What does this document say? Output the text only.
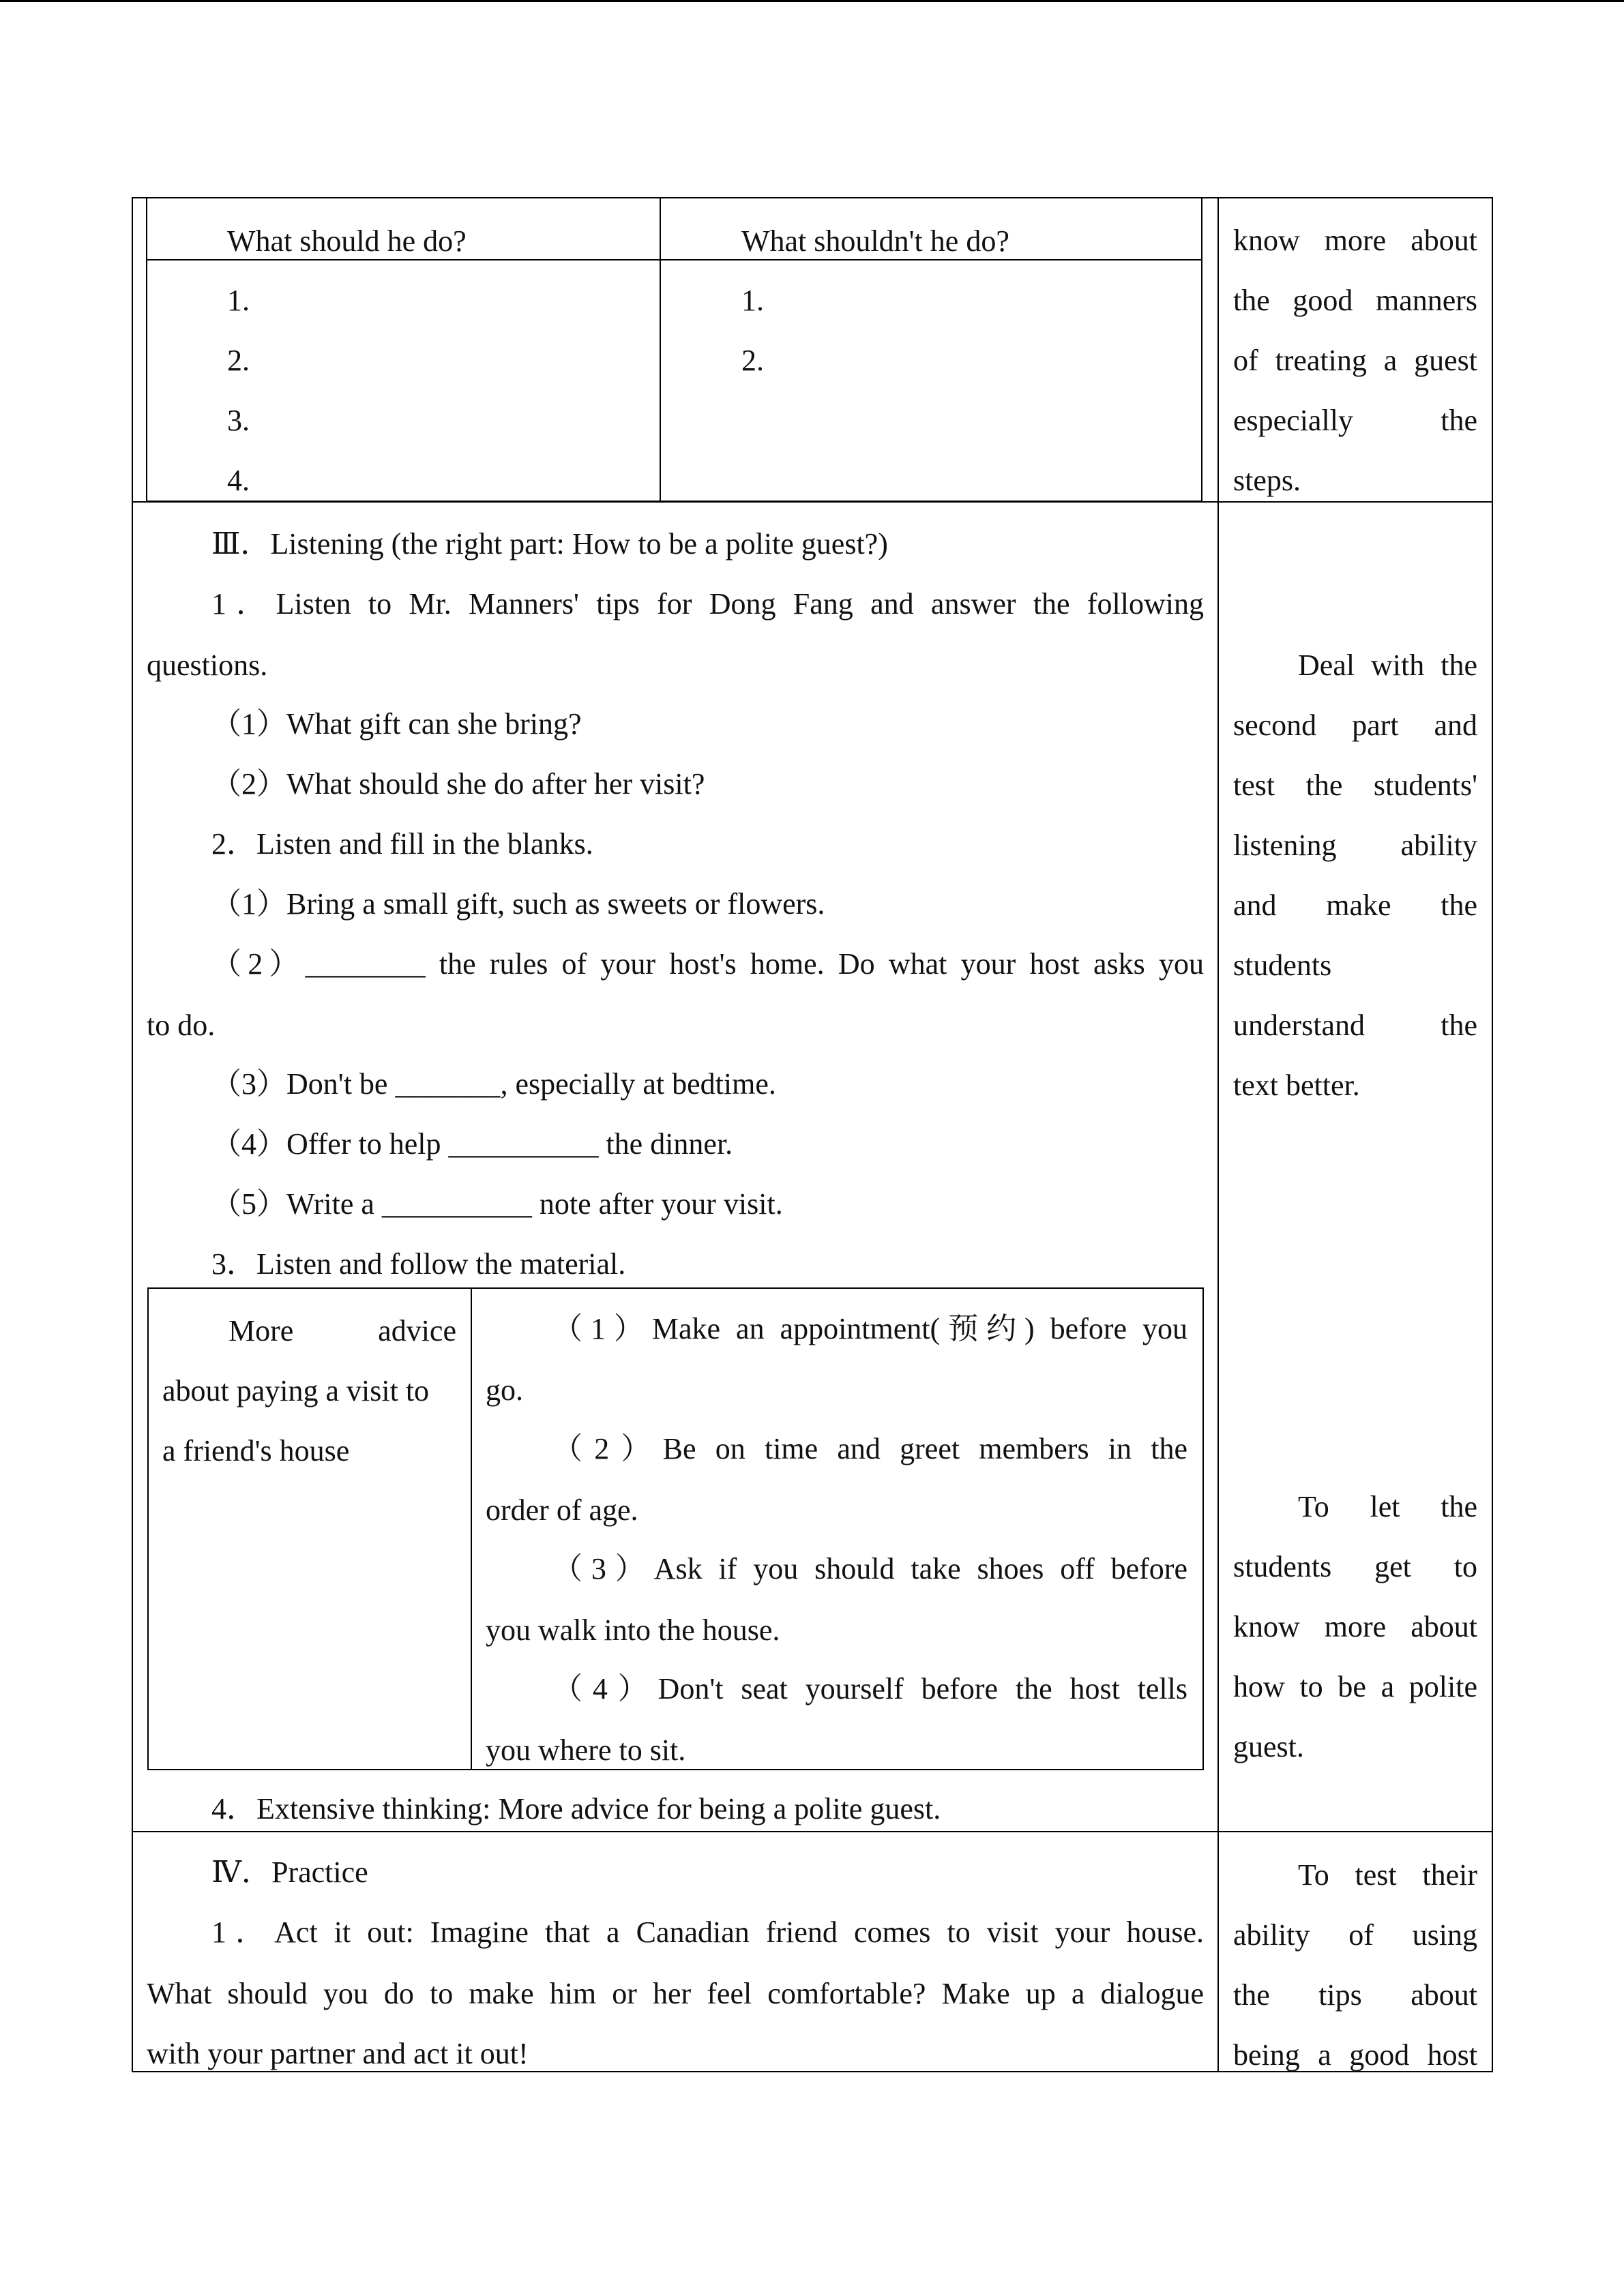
What should he do?	What shouldn't he do?
1.
2.
3.
4.
1.
2.
know more about
the good manners
of treating a guest
especially the
steps.
Ⅲ．Listening (the right part: How to be a polite guest?)
1．Listen to Mr. Manners' tips for Dong Fang and answer the following
questions.
（1）What gift can she bring?
（2）What should she do after her visit?
2．Listen and fill in the blanks.
（1）Bring a small gift, such as sweets or flowers.
（2）________ the rules of your host's home. Do what your host asks you
to do.
（3）Don't be _______, especially at bedtime.
（4）Offer to help __________ the dinner.
（5）Write a __________ note after your visit.
3．Listen and follow the material.
More advice
about paying a visit to
a friend's house
（1）Make an appointment(预约) before you
go.
（2）Be on time and greet members in the
order of age.
（3）Ask if you should take shoes off before
you walk into the house.
（4）Don't seat yourself before the host tells
you where to sit.
4．Extensive thinking: More advice for being a polite guest.
Deal with the
second part and
test the students'
listening ability
and make the
students
understand the
text better.
To let the
students get to
know more about
how to be a polite
guest.
Ⅳ．Practice
1．Act it out: Imagine that a Canadian friend comes to visit your house.
What should you do to make him or her feel comfortable? Make up a dialogue
with your partner and act it out!
To test their
ability of using
the tips about
being a good host
